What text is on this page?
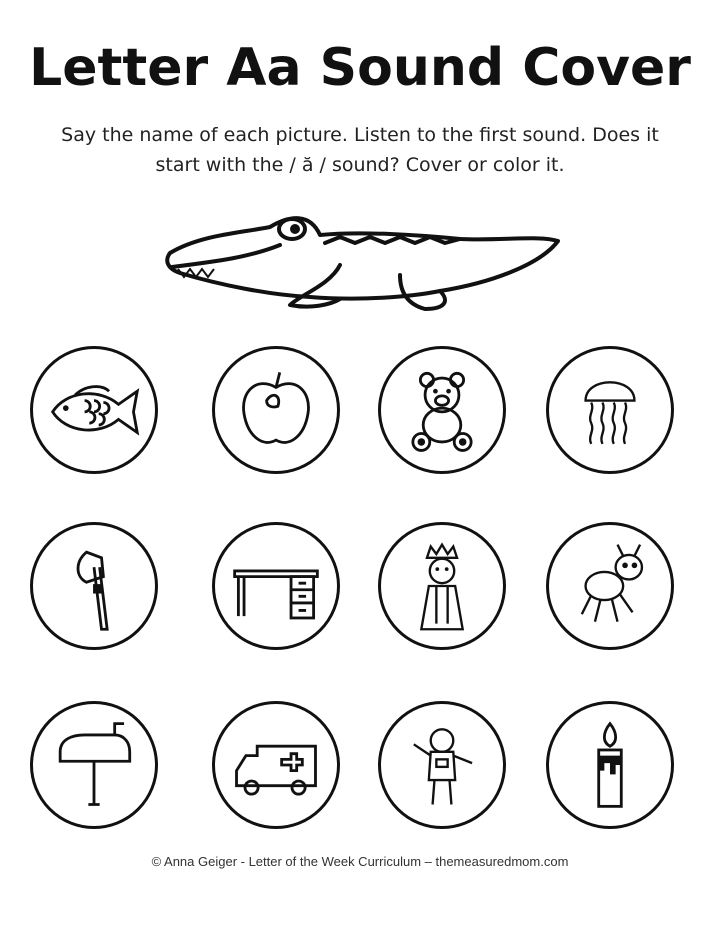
Letter Aa Sound Cover
Say the name of each picture. Listen to the first sound. Does it
start with the / ă / sound? Cover or color it.
© Anna Geiger - Letter of the Week Curriculum – themeasuredmom.com
